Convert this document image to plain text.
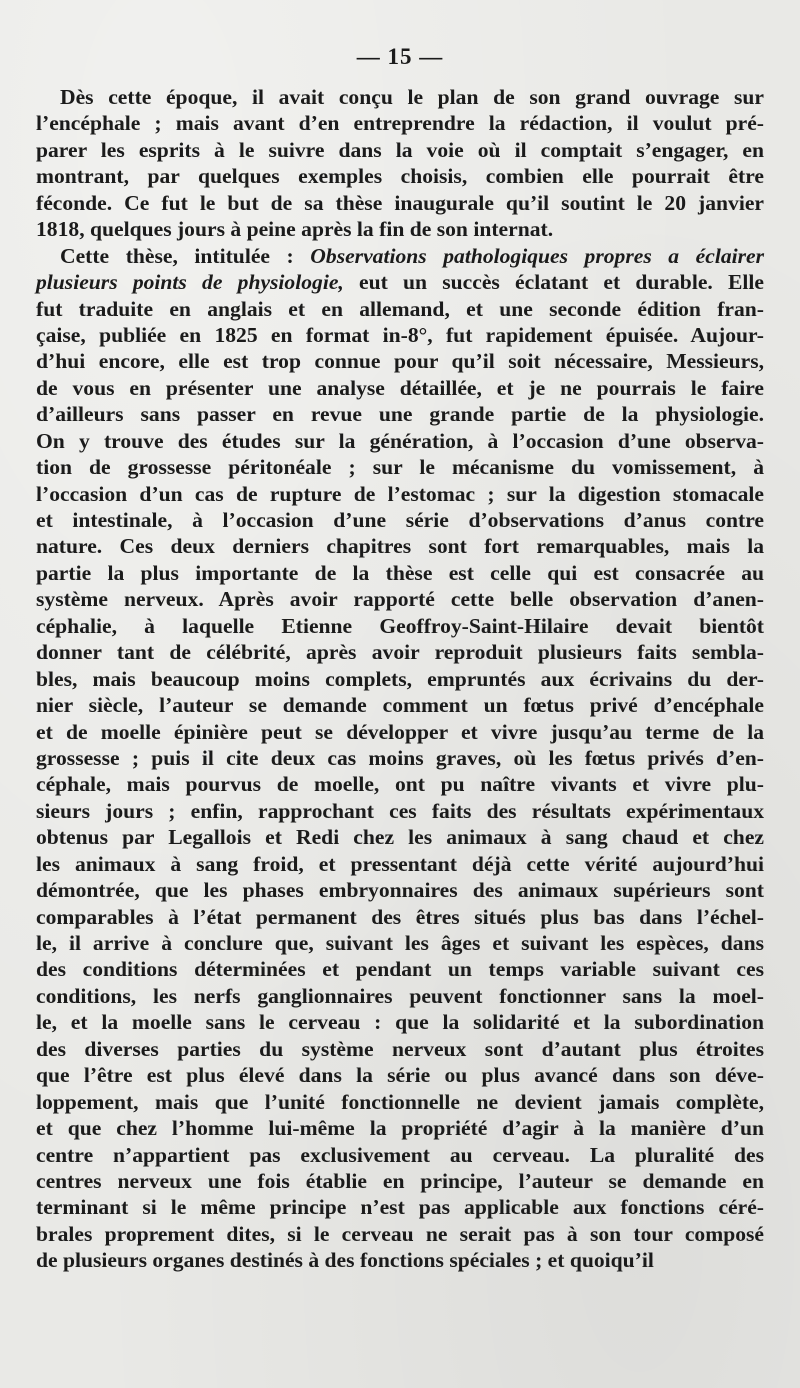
— 15 —
Dès cette époque, il avait conçu le plan de son grand ouvrage sur
l’encéphale ; mais avant d’en entreprendre la rédaction, il voulut pré-
parer les esprits à le suivre dans la voie où il comptait s’engager, en
montrant, par quelques exemples choisis, combien elle pourrait être
féconde. Ce fut le but de sa thèse inaugurale qu’il soutint le 20 janvier
1818, quelques jours à peine après la fin de son internat.
Cette thèse, intitulée : Observations pathologiques propres a éclairer
plusieurs points de physiologie, eut un succès éclatant et durable. Elle
fut traduite en anglais et en allemand, et une seconde édition fran-
çaise, publiée en 1825 en format in-8°, fut rapidement épuisée. Aujour-
d’hui encore, elle est trop connue pour qu’il soit nécessaire, Messieurs,
de vous en présenter une analyse détaillée, et je ne pourrais le faire
d’ailleurs sans passer en revue une grande partie de la physiologie.
On y trouve des études sur la génération, à l’occasion d’une observa-
tion de grossesse péritonéale ; sur le mécanisme du vomissement, à
l’occasion d’un cas de rupture de l’estomac ; sur la digestion stomacale
et intestinale, à l’occasion d’une série d’observations d’anus contre
nature. Ces deux derniers chapitres sont fort remarquables, mais la
partie la plus importante de la thèse est celle qui est consacrée au
système nerveux. Après avoir rapporté cette belle observation d’anen-
céphalie, à laquelle Etienne Geoffroy-Saint-Hilaire devait bientôt
donner tant de célébrité, après avoir reproduit plusieurs faits sembla-
bles, mais beaucoup moins complets, empruntés aux écrivains du der-
nier siècle, l’auteur se demande comment un fœtus privé d’encéphale
et de moelle épinière peut se développer et vivre jusqu’au terme de la
grossesse ; puis il cite deux cas moins graves, où les fœtus privés d’en-
céphale, mais pourvus de moelle, ont pu naître vivants et vivre plu-
sieurs jours ; enfin, rapprochant ces faits des résultats expérimentaux
obtenus par Legallois et Redi chez les animaux à sang chaud et chez
les animaux à sang froid, et pressentant déjà cette vérité aujourd’hui
démontrée, que les phases embryonnaires des animaux supérieurs sont
comparables à l’état permanent des êtres situés plus bas dans l’échel-
le, il arrive à conclure que, suivant les âges et suivant les espèces, dans
des conditions déterminées et pendant un temps variable suivant ces
conditions, les nerfs ganglionnaires peuvent fonctionner sans la moel-
le, et la moelle sans le cerveau : que la solidarité et la subordination
des diverses parties du système nerveux sont d’autant plus étroites
que l’être est plus élevé dans la série ou plus avancé dans son déve-
loppement, mais que l’unité fonctionnelle ne devient jamais complète,
et que chez l’homme lui-même la propriété d’agir à la manière d’un
centre n’appartient pas exclusivement au cerveau. La pluralité des
centres nerveux une fois établie en principe, l’auteur se demande en
terminant si le même principe n’est pas applicable aux fonctions céré-
brales proprement dites, si le cerveau ne serait pas à son tour composé
de plusieurs organes destinés à des fonctions spéciales ; et quoiqu’il
